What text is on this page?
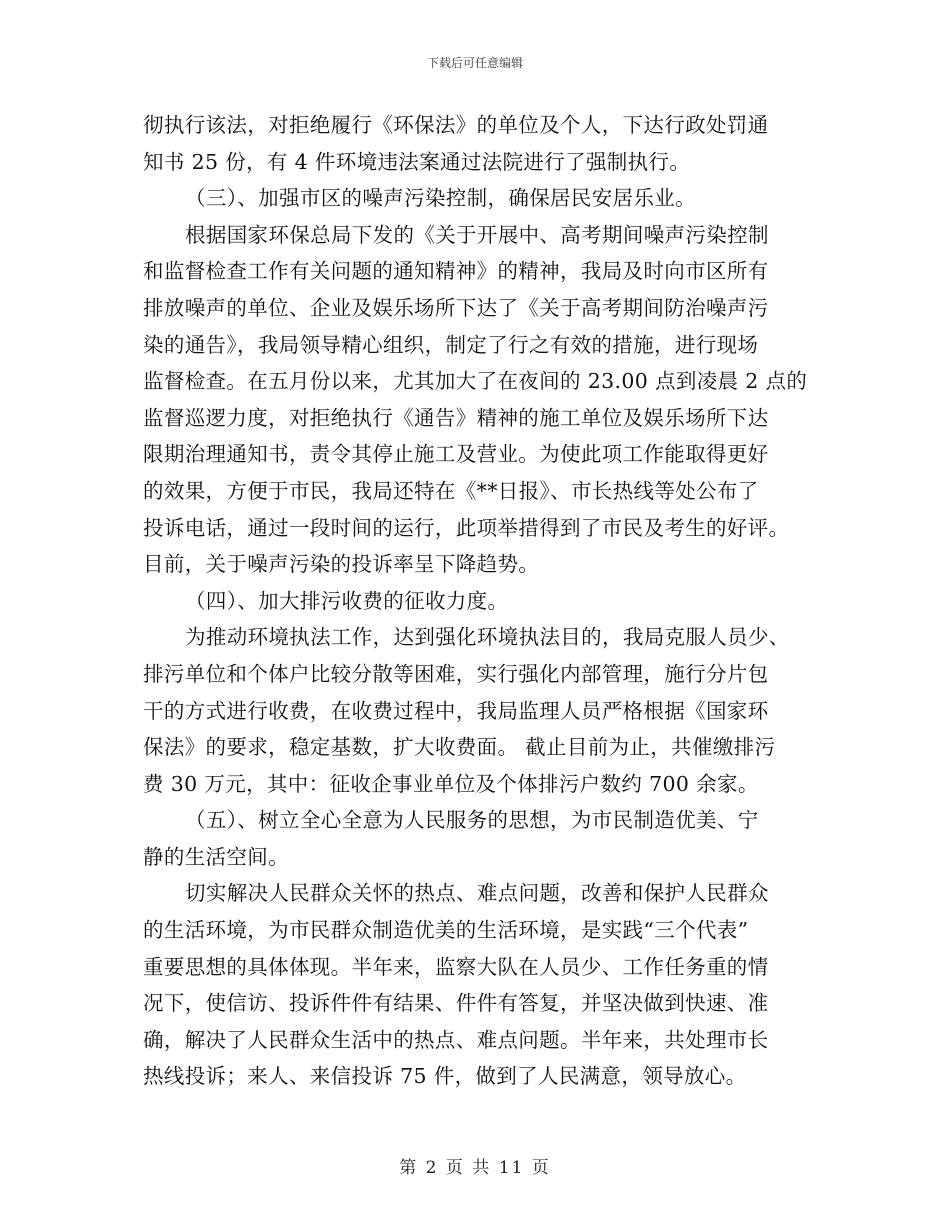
下载后可任意编辑
彻执行该法，对拒绝履行《环保法》的单位及个人，下达行政处罚通
知书 25 份，有 4 件环境违法案通过法院进行了强制执行。
（三）、加强市区的噪声污染控制，确保居民安居乐业。
根据国家环保总局下发的《关于开展中、高考期间噪声污染控制
和监督检查工作有关问题的通知精神》的精神，我局及时向市区所有
排放噪声的单位、企业及娱乐场所下达了《关于高考期间防治噪声污
染的通告》，我局领导精心组织，制定了行之有效的措施，进行现场
监督检查。在五月份以来，尤其加大了在夜间的 23.00 点到凌晨 2 点的
监督巡逻力度，对拒绝执行《通告》精神的施工单位及娱乐场所下达
限期治理通知书，责令其停止施工及营业。为使此项工作能取得更好
的效果，方便于市民，我局还特在《**日报》、市长热线等处公布了
投诉电话，通过一段时间的运行，此项举措得到了市民及考生的好评。
目前，关于噪声污染的投诉率呈下降趋势。
（四）、加大排污收费的征收力度。
为推动环境执法工作，达到强化环境执法目的，我局克服人员少、
排污单位和个体户比较分散等困难，实行强化内部管理，施行分片包
干的方式进行收费，在收费过程中，我局监理人员严格根据《国家环
保法》的要求，稳定基数，扩大收费面。 截止目前为止，共催缴排污
费 30 万元，其中：征收企事业单位及个体排污户数约 700 余家。
（五）、树立全心全意为人民服务的思想，为市民制造优美、宁
静的生活空间。
切实解决人民群众关怀的热点、难点问题，改善和保护人民群众
的生活环境，为市民群众制造优美的生活环境，是实践“三个代表”
重要思想的具体体现。半年来，监察大队在人员少、工作任务重的情
况下，使信访、投诉件件有结果、件件有答复，并坚决做到快速、准
确，解决了人民群众生活中的热点、难点问题。半年来，共处理市长
热线投诉；来人、来信投诉 75 件，做到了人民满意，领导放心。
第 2 页 共 11 页
